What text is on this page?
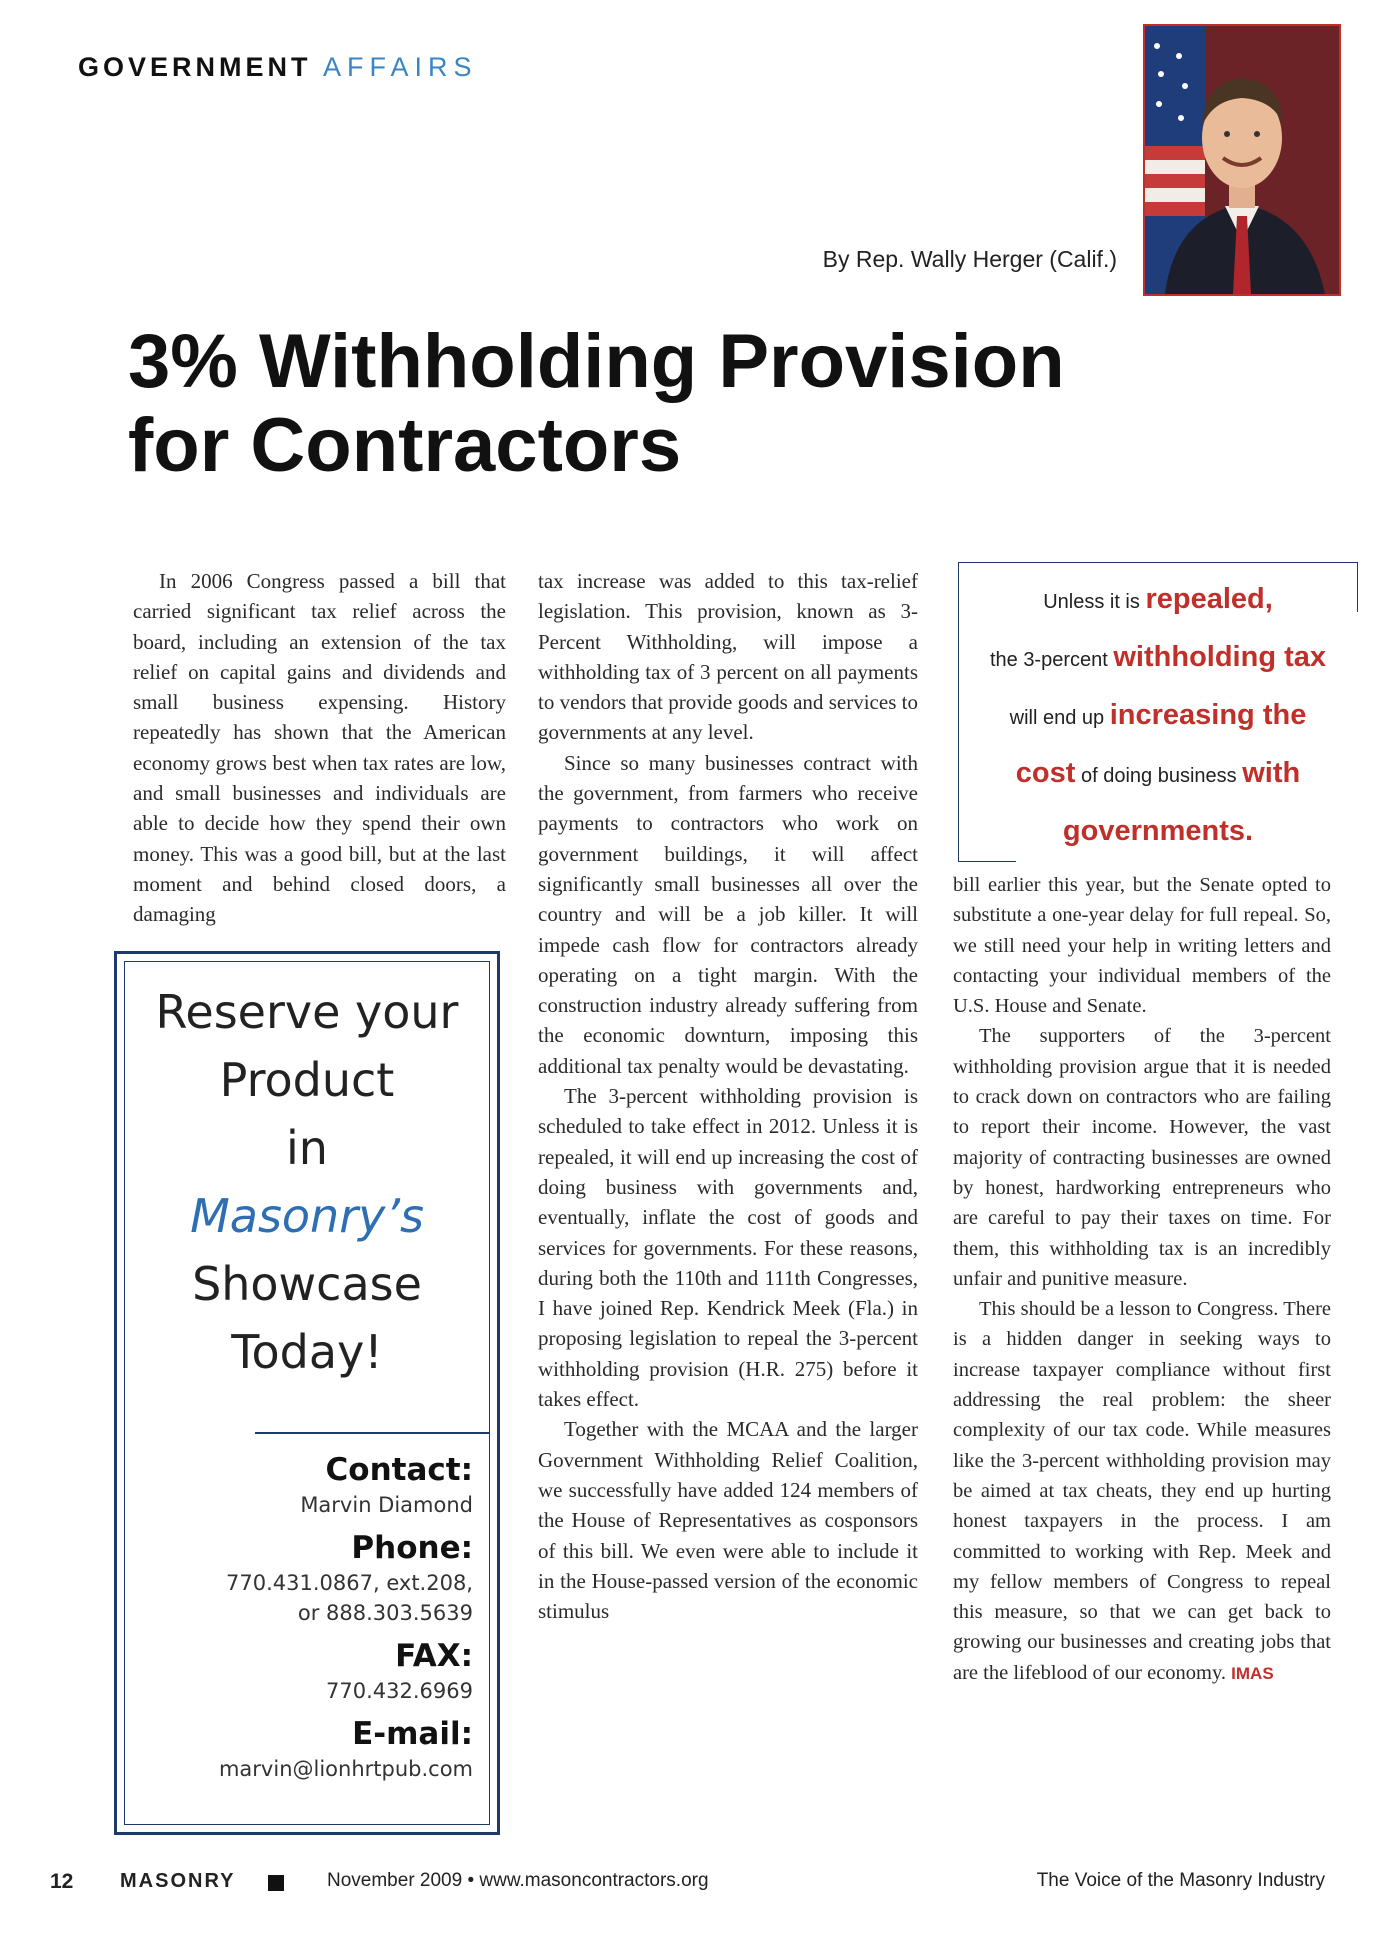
GOVERNMENT AFFAIRS
By Rep. Wally Herger (Calif.)
3% Withholding Provision
for Contractors

In 2006 Congress passed a bill that carried significant tax relief across the board, including an extension of the tax relief on capital gains and dividends and small business expensing. History repeatedly has shown that the American economy grows best when tax rates are low, and small businesses and individuals are able to decide how they spend their own money. This was a good bill, but at the last moment and behind closed doors, a damaging

tax increase was added to this tax-relief legislation. This provision, known as 3-Percent Withholding, will impose a withholding tax of 3 percent on all payments to vendors that provide goods and services to governments at any level.

Since so many businesses contract with the government, from farmers who receive payments to contractors who work on government buildings, it will affect significantly small businesses all over the country and will be a job killer. It will impede cash flow for contractors already operating on a tight margin. With the construction industry already suffering from the economic downturn, imposing this additional tax penalty would be devastating.

The 3-percent withholding provision is scheduled to take effect in 2012. Unless it is repealed, it will end up increasing the cost of doing business with governments and, eventually, inflate the cost of goods and services for governments. For these reasons, during both the 110th and 111th Congresses, I have joined Rep. Kendrick Meek (Fla.) in proposing legislation to repeal the 3-percent withholding provision (H.R. 275) before it takes effect.

Together with the MCAA and the larger Government Withholding Relief Coalition, we successfully have added 124 members of the House of Representatives as cosponsors of this bill. We even were able to include it in the House-passed version of the economic stimulus

Unless it is repealed,
the 3-percent withholding tax
will end up increasing the
cost of doing business with
governments.

bill earlier this year, but the Senate opted to substitute a one-year delay for full repeal. So, we still need your help in writing letters and contacting your individual members of the U.S. House and Senate.

The supporters of the 3-percent withholding provision argue that it is needed to crack down on contractors who are failing to report their income. However, the vast majority of contracting businesses are owned by honest, hardworking entrepreneurs who are careful to pay their taxes on time. For them, this withholding tax is an incredibly unfair and punitive measure.

This should be a lesson to Congress. There is a hidden danger in seeking ways to increase taxpayer compliance without first addressing the real problem: the sheer complexity of our tax code. While measures like the 3-percent withholding provision may be aimed at tax cheats, they end up hurting honest taxpayers in the process. I am committed to working with Rep. Meek and my fellow members of Congress to repeal this measure, so that we can get back to growing our businesses and creating jobs that are the lifeblood of our economy. IMAS

Reserve your
Product
in
Masonry’s
Showcase
Today!
Contact:
Marvin Diamond
Phone:
770.431.0867, ext.208,
or 888.303.5639
FAX:
770.432.6969
E-mail:
marvin@lionhrtpub.com
12 MASONRY	November 2009 • www.masoncontractors.org	The Voice of the Masonry Industry
